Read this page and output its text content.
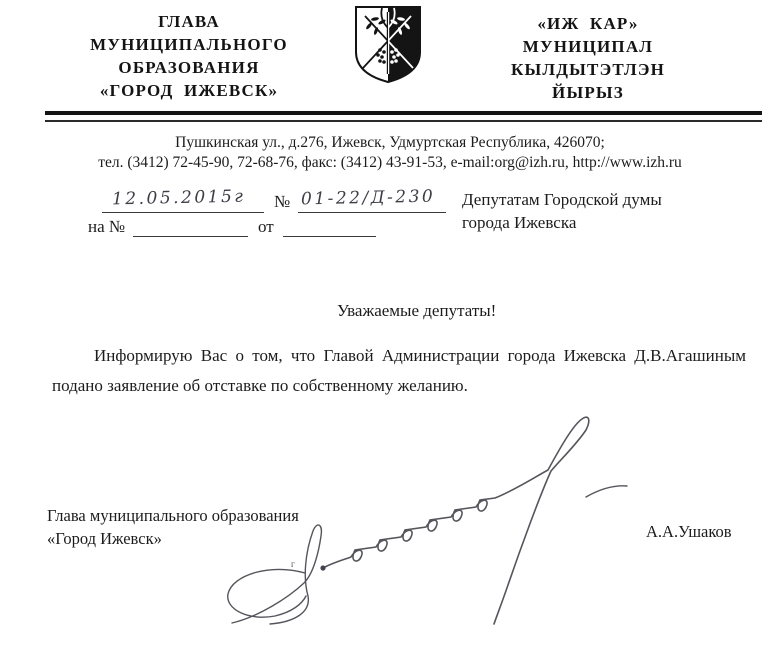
ГЛАВА
МУНИЦИПАЛЬНОГО
ОБРАЗОВАНИЯ
«ГОРОД ИЖЕВСК»
«ИЖ КАР»
МУНИЦИПАЛ
КЫЛДЫТЭТЛЭН
ЙЫРЫЗ
Пушкинская ул., д.276, Ижевск, Удмуртская Республика, 426070;
тел. (3412) 72-45-90, 72-68-76, факс: (3412) 43-91-53, e-mail:org@izh.ru, http://www.izh.ru
12.05.2015г № 01-22/Д-230
на №	от
Депутатам Городской думы
города Ижевска
Уважаемые депутаты!
Информирую Вас о том, что Главой Администрации города Ижевска Д.В.Агашиным подано заявление об отставке по собственному желанию.
Глава муниципального образования
«Город Ижевск»	А.А.Ушаков
г
